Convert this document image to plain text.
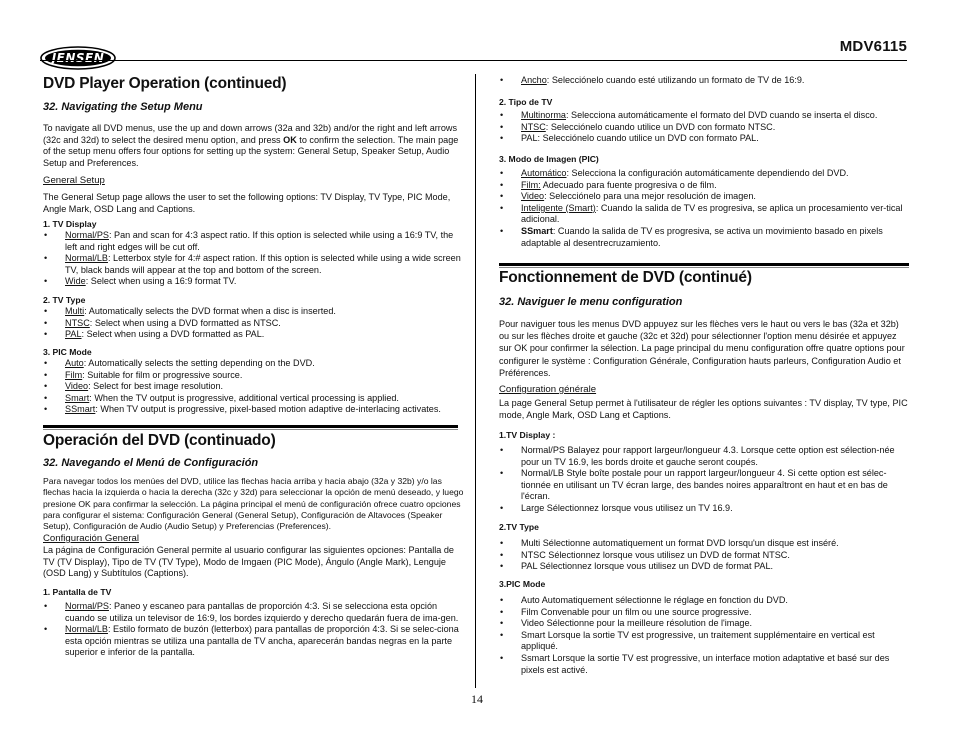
JENSEN
MDV6115
DVD Player Operation (continued)
32. Navigating the Setup Menu

To navigate all DVD menus, use the up and down arrows (32a and 32b) and/or the right and left arrows (32c and 32d) to select the desired menu option, and press OK to confirm the selection. The main page of the setup menu offers four options for setting up the system: General Setup, Speaker Setup, Audio Setup and Preferences.

General Setup

The General Setup page allows the user to set the following options: TV Display, TV Type, PIC Mode, Angle Mark, OSD Lang and Captions.

1. TV Display

• Normal/PS: Pan and scan for 4:3 aspect ratio. If this option is selected while using a 16:9 TV, the left and right edges will be cut off.
• Normal/LB: Letterbox style for 4:# aspect ration. If this option is selected while using a wide screen TV, black bands will appear at the top and bottom of the screen.
• Wide: Select when using a 16:9 format TV.

2. TV Type

• Multi: Automatically selects the DVD format when a disc is inserted.
• NTSC: Select when using a DVD formatted as NTSC.
• PAL: Select when using a DVD formatted as PAL.

3. PIC Mode

• Auto: Automatically selects the setting depending on the DVD.
• Film: Suitable for film or progressive source.
• Video: Select for best image resolution.
• Smart: When the TV output is progressive, additional vertical processing is applied.
• SSmart: When TV output is progressive, pixel-based motion adaptive de-interlacing activates.
Operación del DVD (continuado)
32. Navegando el Menú de Configuración

Para navegar todos los menúes del DVD, utilice las flechas hacia arriba y hacia abajo (32a y 32b) y/o las flechas hacia la izquierda o hacia la derecha (32c y 32d) para seleccionar la opción de menú deseado, y luego presione OK para confirmar la selección. La página principal el menú de configuración ofrece cuatro opciones para configurar el sistema: Configuración General (General Setup), Configuración de Altavoces (Speaker Setup), Configuración de Audio (Audio Setup) y Preferencias (Preferences).

Configuración General

La página de Configuración General permite al usuario configurar las siguientes opciones: Pantalla de TV (TV Display), Tipo de TV (TV Type), Modo de Imgaen (PIC Mode), Ángulo (Angle Mark), Lenguje (OSD Lang) y Subtítulos (Captions).

1. Pantalla de TV

• Normal/PS: Paneo y escaneo para pantallas de proporción 4:3. Si se selecciona esta opción cuando se utiliza un televisor de 16:9, los bordes izquierdo y derecho quedarán fuera de ima-gen.
• Normal/LB: Estilo formato de buzón (letterbox) para pantallas de proporción 4:3. Si se selec-ciona esta opción mientras se utiliza una pantalla de TV ancha, aparecerán bandas negras en la parte superior e inferior de la pantalla.
• Ancho: Selecciónelo cuando esté utilizando un formato de TV de 16:9.

2. Tipo de TV

• Multinorma: Selecciona automáticamente el formato del DVD cuando se inserta el disco.
• NTSC: Selecciónelo cuando utilice un DVD con formato NTSC.
• PAL: Selecciónelo cuando utilice un DVD con formato PAL.

3. Modo de Imagen (PIC)

• Automático: Selecciona la configuración automáticamente dependiendo del DVD.
• Film: Adecuado para fuente progresiva o de film.
• Video: Selecciónelo para una mejor resolución de imagen.
• Inteligente (Smart): Cuando la salida de TV es progresiva, se aplica un procesamiento ver-tical adicional.
• SSmart: Cuando la salida de TV es progresiva, se activa un movimiento basado en pixels adaptable al desentrecruzamiento.
Fonctionnement de DVD (continué)
32. Naviguer le menu configuration

Pour naviguer tous les menus DVD appuyez sur les flèches vers le haut ou vers le bas (32a et 32b) ou sur les flèches droite et gauche (32c et 32d) pour sélectionner l'option menu désirée et appuyez sur OK pour confirmer la sélection. La page principal du menu configuration offre quatre options pour configurer le système : Configuration Générale, Configuration hauts parleurs, Configuration Audio et Préférences.

Configuration générale

La page General Setup permet à l'utilisateur de régler les options suivantes : TV display, TV type, PIC mode, Angle Mark, OSD Lang et Captions.

1.TV Display :

• Normal/PS Balayez pour rapport largeur/longueur 4.3. Lorsque cette option est sélection-née pour un TV 16.9, les bords droite et gauche seront coupés.
• Normal/LB Style boîte postale pour un rapport largeur/longueur 4. Si cette option est sélec-tionnée en utilisant un TV écran large, des bandes noires apparaîtront en haut et en bas de l'écran.
• Large Sélectionnez lorsque vous utilisez un TV 16.9.

2.TV Type

• Multi Sélectionne automatiquement un format DVD lorsqu'un disque est inséré.
• NTSC Sélectionnez lorsque vous utilisez un DVD de format NTSC.
• PAL Sélectionnez lorsque vous utilisez un DVD de format PAL.

3.PIC Mode

• Auto Automatiquement sélectionne le réglage en fonction du DVD.
• Film Convenable pour un film ou une source progressive.
• Video Sélectionne pour la meilleure résolution de l'image.
• Smart Lorsque la sortie TV est progressive, un traitement supplémentaire en vertical est appliqué.
• Ssmart Lorsque la sortie TV est progressive, un interface motion adaptative et basé sur des pixels est activé.
14
